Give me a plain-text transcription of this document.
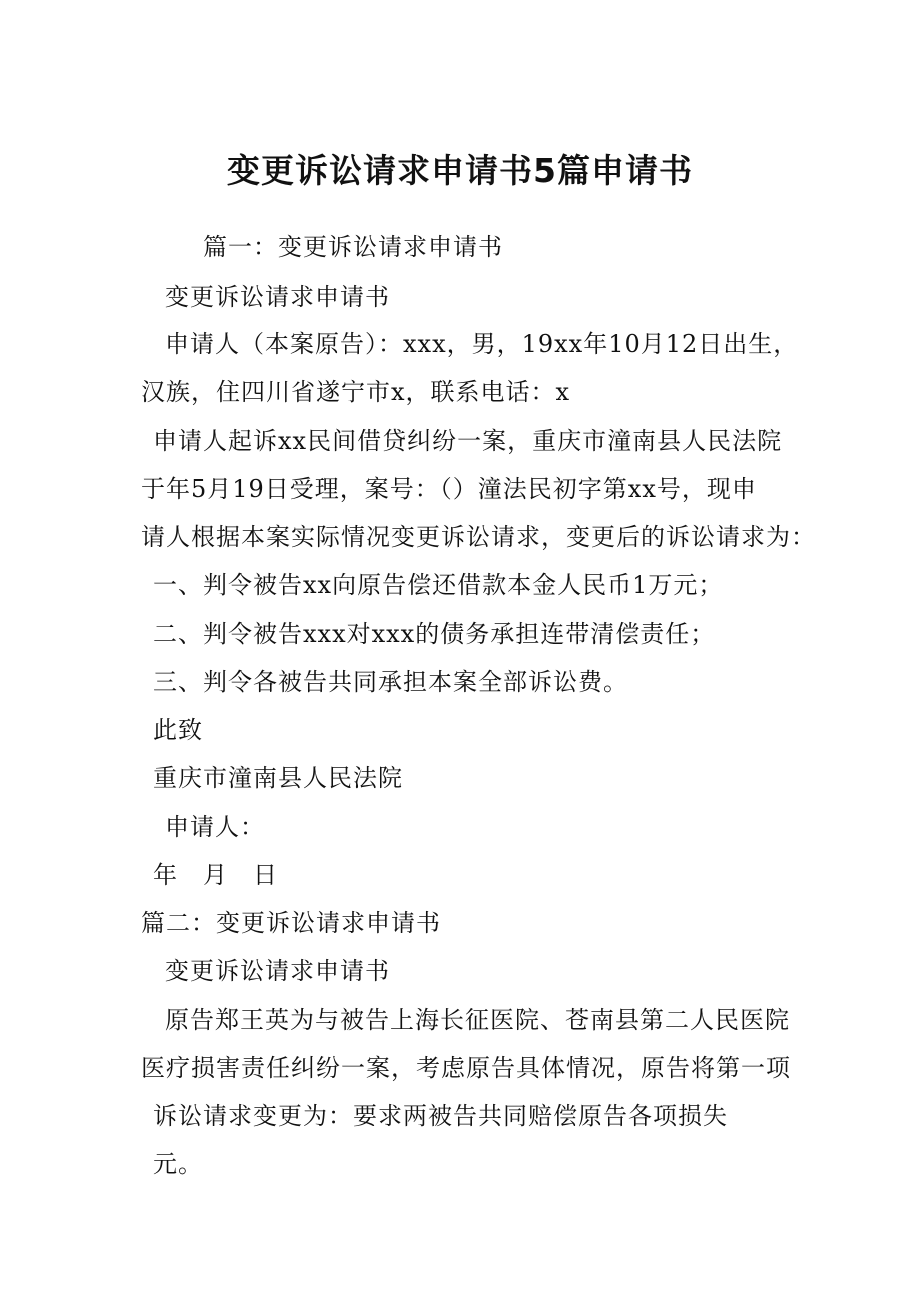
变更诉讼请求申请书5篇申请书
篇一：变更诉讼请求申请书
变更诉讼请求申请书
申请人（本案原告）：xxx，男，19xx年10月12日出生，
汉族，住四川省遂宁市x，联系电话：x
申请人起诉xx民间借贷纠纷一案，重庆市潼南县人民法院
于年5月19日受理，案号：（）潼法民初字第xx号，现申
请人根据本案实际情况变更诉讼请求，变更后的诉讼请求为：
一、判令被告xx向原告偿还借款本金人民币1万元；
二、判令被告xxx对xxx的债务承担连带清偿责任；
三、判令各被告共同承担本案全部诉讼费。
此致
重庆市潼南县人民法院
申请人：
年　月　日
篇二：变更诉讼请求申请书
变更诉讼请求申请书
原告郑王英为与被告上海长征医院、苍南县第二人民医院
医疗损害责任纠纷一案，考虑原告具体情况，原告将第一项
诉讼请求变更为：要求两被告共同赔偿原告各项损失
元。
